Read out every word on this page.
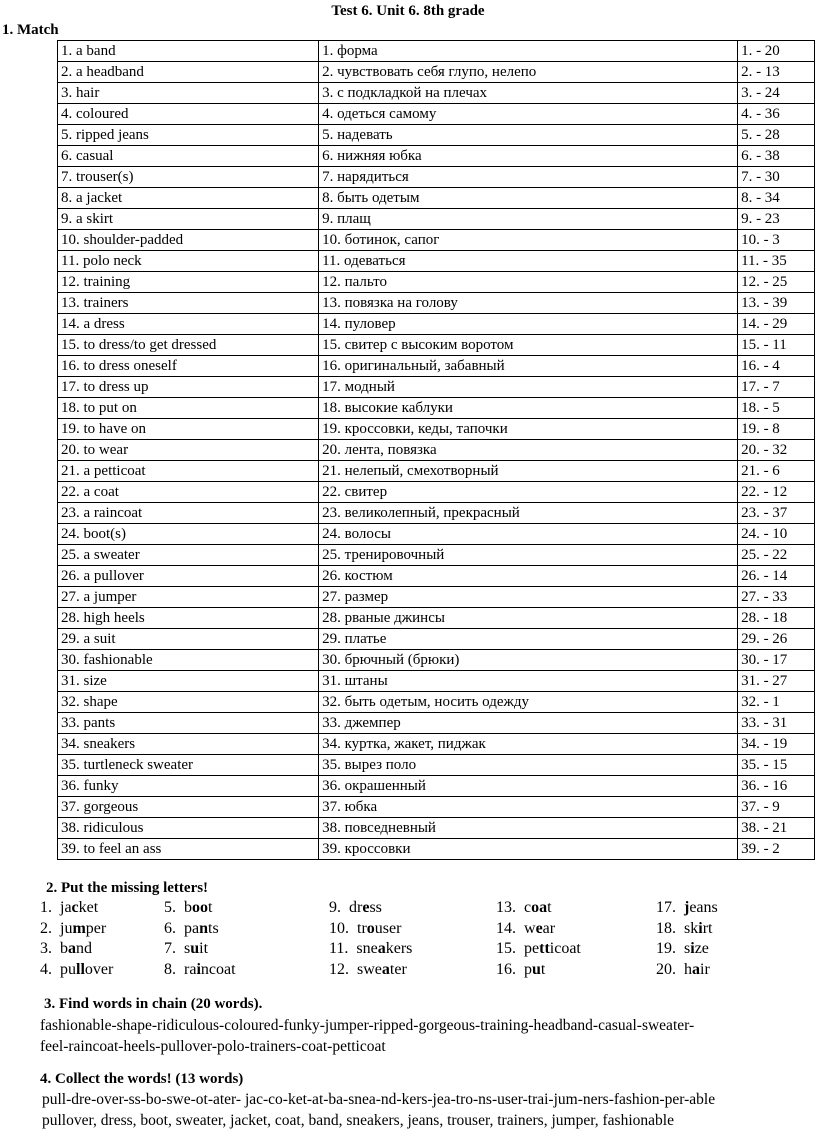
Test 6. Unit 6. 8th grade
1. Match
1. a band	1. форма	1. - 20
2. a headband	2. чувствовать себя глупо, нелепо	2. - 13
3. hair	3. с подкладкой на плечах	3. - 24
4. coloured	4. одеться самому	4. - 36
5. ripped jeans	5. надевать	5. - 28
6. casual	6. нижняя юбка	6. - 38
7. trouser(s)	7. нарядиться	7. - 30
8. a jacket	8. быть одетым	8. - 34
9. a skirt	9. плащ	9. - 23
10. shoulder-padded	10. ботинок, сапог	10. - 3
11. polo neck	11. одеваться	11. - 35
12. training	12. пальто	12. - 25
13. trainers	13. повязка на голову	13. - 39
14. a dress	14. пуловер	14. - 29
15. to dress/to get dressed	15. свитер с высоким воротом	15. - 11
16. to dress oneself	16. оригинальный, забавный	16. - 4
17. to dress up	17. модный	17. - 7
18. to put on	18. высокие каблуки	18. - 5
19. to have on	19. кроссовки, кеды, тапочки	19. - 8
20. to wear	20. лента, повязка	20. - 32
21. a petticoat	21. нелепый, смехотворный	21. - 6
22. a coat	22. свитер	22. - 12
23. a raincoat	23. великолепный, прекрасный	23. - 37
24. boot(s)	24. волосы	24. - 10
25. a sweater	25. тренировочный	25. - 22
26. a pullover	26. костюм	26. - 14
27. a jumper	27. размер	27. - 33
28. high heels	28. рваные джинсы	28. - 18
29. a suit	29. платье	29. - 26
30. fashionable	30. брючный (брюки)	30. - 17
31. size	31. штаны	31. - 27
32. shape	32. быть одетым, носить одежду	32. - 1
33. pants	33. джемпер	33. - 31
34. sneakers	34. куртка, жакет, пиджак	34. - 19
35. turtleneck sweater	35. вырез поло	35. - 15
36. funky	36. окрашенный	36. - 16
37. gorgeous	37. юбка	37. - 9
38. ridiculous	38. повседневный	38. - 21
39. to feel an ass	39. кроссовки	39. - 2
2. Put the missing letters!
1. jacket
2. jumper
3. band
4. pullover
5. boot
6. pants
7. suit
8. raincoat
9. dress
10. trouser
11. sneakers
12. sweater
13. coat
14. wear
15. petticoat
16. put
17. jeans
18. skirt
19. size
20. hair
3. Find words in chain (20 words).
fashionable-shape-ridiculous-coloured-funky-jumper-ripped-gorgeous-training-headband-casual-sweater-
feel-raincoat-heels-pullover-polo-trainers-coat-petticoat
4. Collect the words! (13 words)
pull-dre-over-ss-bo-swe-ot-ater- jac-co-ket-at-ba-snea-nd-kers-jea-tro-ns-user-trai-jum-ners-fashion-per-able
pullover, dress, boot, sweater, jacket, coat, band, sneakers, jeans, trouser, trainers, jumper, fashionable
